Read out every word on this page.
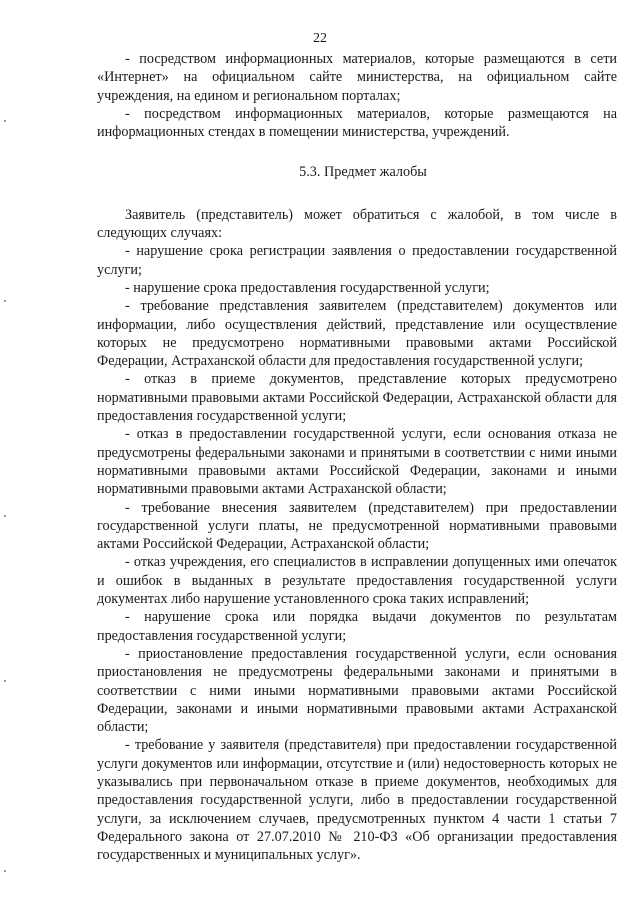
22

- посредством информационных материалов, которые размещаются в сети «Интернет» на официальном сайте министерства, на официальном сайте учреждения, на едином и региональном порталах;

- посредством информационных материалов, которые размещаются на информационных стендах в помещении министерства, учреждений.

5.3. Предмет жалобы

Заявитель (представитель) может обратиться с жалобой, в том числе в следующих случаях:

- нарушение срока регистрации заявления о предоставлении государственной услуги;

- нарушение срока предоставления государственной услуги;

- требование представления заявителем (представителем) документов или информации, либо осуществления действий, представление или осуществление которых не предусмотрено нормативными правовыми актами Российской Федерации, Астраханской области для предоставления государственной услуги;

- отказ в приеме документов, представление которых предусмотрено нормативными правовыми актами Российской Федерации, Астраханской области для предоставления государственной услуги;

- отказ в предоставлении государственной услуги, если основания отказа не предусмотрены федеральными законами и принятыми в соответствии с ними иными нормативными правовыми актами Российской Федерации, законами и иными нормативными правовыми актами Астраханской области;

- требование внесения заявителем (представителем) при предоставлении государственной услуги платы, не предусмотренной нормативными правовыми актами Российской Федерации, Астраханской области;

- отказ учреждения, его специалистов в исправлении допущенных ими опечаток и ошибок в выданных в результате предоставления государственной услуги документах либо нарушение установленного срока таких исправлений;

- нарушение срока или порядка выдачи документов по результатам предоставления государственной услуги;

- приостановление предоставления государственной услуги, если основания приостановления не предусмотрены федеральными законами и принятыми в соответствии с ними иными нормативными правовыми актами Российской Федерации, законами и иными нормативными правовыми актами Астраханской области;

- требование у заявителя (представителя) при предоставлении государственной услуги документов или информации, отсутствие и (или) недостоверность которых не указывались при первоначальном отказе в приеме документов, необходимых для предоставления государственной услуги, либо в предоставлении государственной услуги, за исключением случаев, предусмотренных пунктом 4 части 1 статьи 7 Федерального закона от 27.07.2010 № 210-ФЗ «Об организации предоставления государственных и муниципальных услуг».
